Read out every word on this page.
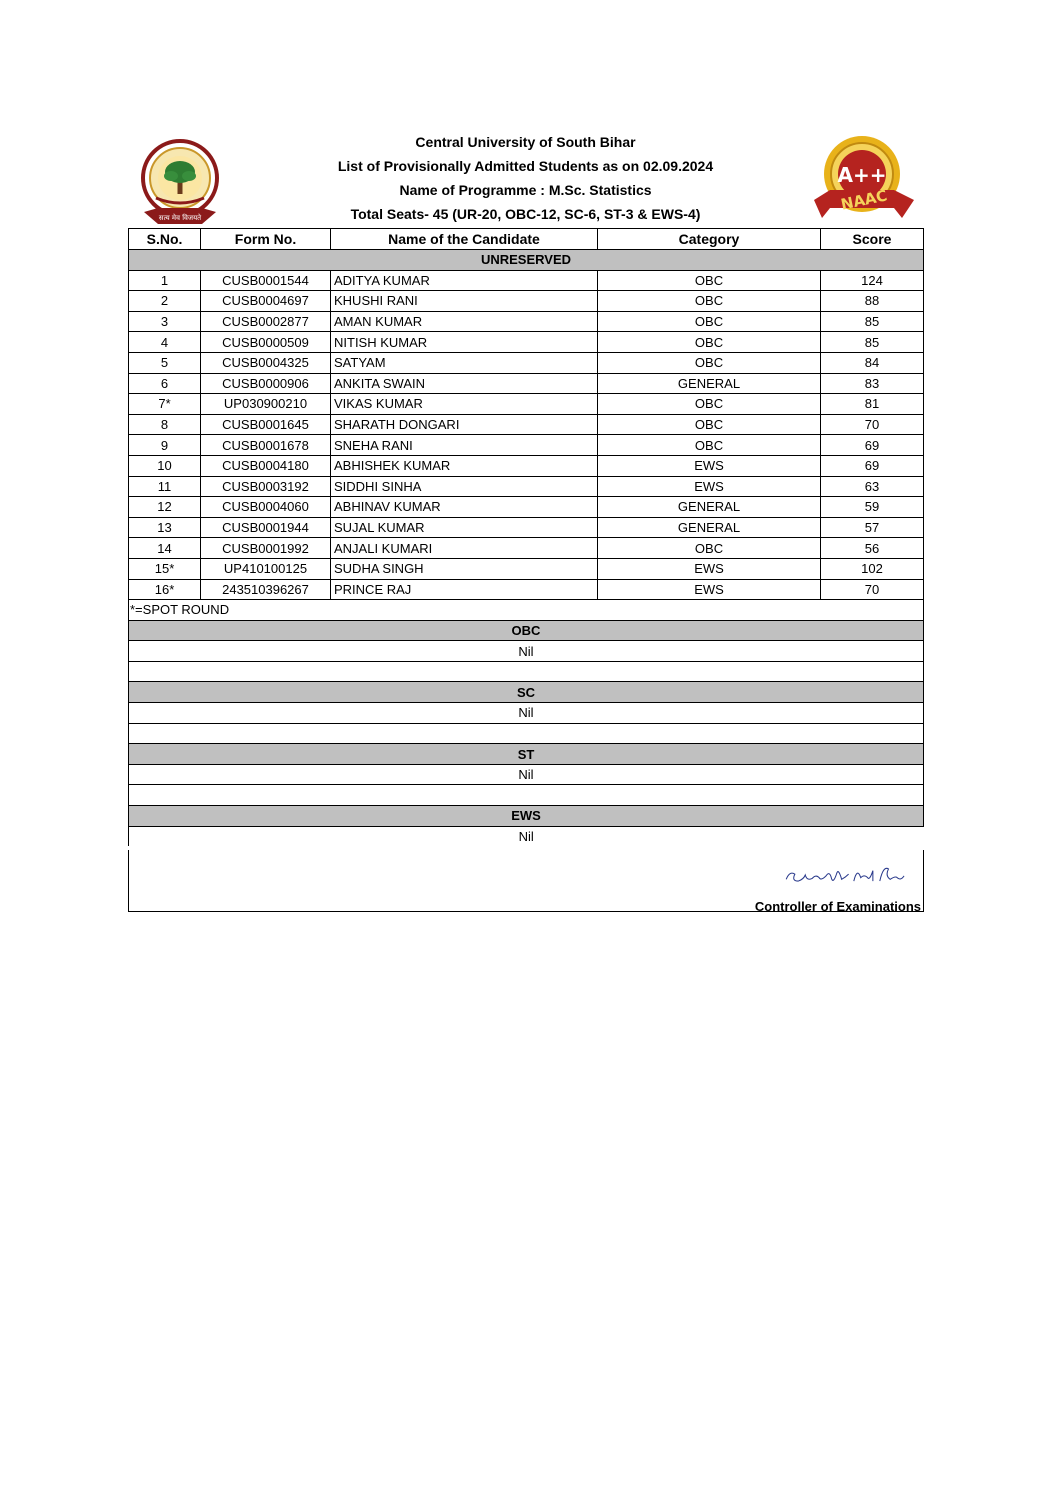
Central University of South Bihar
List of Provisionally Admitted Students as on 02.09.2024
Name of Programme : M.Sc. Statistics
Total Seats- 45 (UR-20, OBC-12, SC-6, ST-3 & EWS-4)
सत्य मेव विजयते
A++
NAAC
S.No.	Form No.	Name of the Candidate	Category	Score
UNRESERVED				
1	CUSB0001544	ADITYA KUMAR	OBC	124
2	CUSB0004697	KHUSHI RANI	OBC	88
3	CUSB0002877	AMAN KUMAR	OBC	85
4	CUSB0000509	NITISH KUMAR	OBC	85
5	CUSB0004325	SATYAM	OBC	84
6	CUSB0000906	ANKITA SWAIN	GENERAL	83
7*	UP030900210	VIKAS KUMAR	OBC	81
8	CUSB0001645	SHARATH DONGARI	OBC	70
9	CUSB0001678	SNEHA RANI	OBC	69
10	CUSB0004180	ABHISHEK KUMAR	EWS	69
11	CUSB0003192	SIDDHI SINHA	EWS	63
12	CUSB0004060	ABHINAV KUMAR	GENERAL	59
13	CUSB0001944	SUJAL KUMAR	GENERAL	57
14	CUSB0001992	ANJALI KUMARI	OBC	56
15*	UP410100125	SUDHA SINGH	EWS	102
16*	243510396267	PRINCE RAJ	EWS	70
*=SPOT ROUND				
OBC				
Nil				

SC				
Nil				

ST				
Nil				

EWS				
Nil				
Controller of Examinations
